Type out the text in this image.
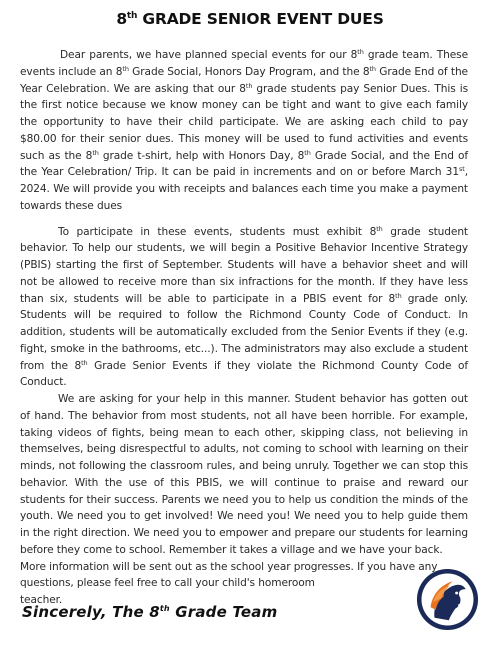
8th GRADE SENIOR EVENT DUES

Dear parents, we have planned special events for our 8th grade team. These events include an 8th Grade Social, Honors Day Program, and the 8th Grade End of the Year Celebration. We are asking that our 8th grade students pay Senior Dues. This is the first notice because we know money can be tight and want to give each family the opportunity to have their child participate. We are asking each child to pay $80.00 for their senior dues. This money will be used to fund activities and events such as the 8th grade t-shirt, help with Honors Day, 8th Grade Social, and the End of the Year Celebration/ Trip. It can be paid in increments and on or before March 31st, 2024. We will provide you with receipts and balances each time you make a payment towards these dues

To participate in these events, students must exhibit 8th grade student behavior. To help our students, we will begin a Positive Behavior Incentive Strategy (PBIS) starting the first of September. Students will have a behavior sheet and will not be allowed to receive more than six infractions for the month. If they have less than six, students will be able to participate in a PBIS event for 8th grade only. Students will be required to follow the Richmond County Code of Conduct. In addition, students will be automatically excluded from the Senior Events if they (e.g. fight, smoke in the bathrooms, etc...). The administrators may also exclude a student from the 8th Grade Senior Events if they violate the Richmond County Code of Conduct.

We are asking for your help in this manner. Student behavior has gotten out of hand. The behavior from most students, not all have been horrible. For example, taking videos of fights, being mean to each other, skipping class, not believing in themselves, being disrespectful to adults, not coming to school with learning on their minds, not following the classroom rules, and being unruly. Together we can stop this behavior. With the use of this PBIS, we will continue to praise and reward our students for their success. Parents we need you to help us condition the minds of the youth. We need you to get involved! We need you! We need you to help guide them in the right direction. We need you to empower and prepare our students for learning before they come to school. Remember it takes a village and we have your back.

More information will be sent out as the school year progresses. If you have any
questions, please feel free to call your child's homeroom
teacher.

Sincerely, The 8th Grade Team
